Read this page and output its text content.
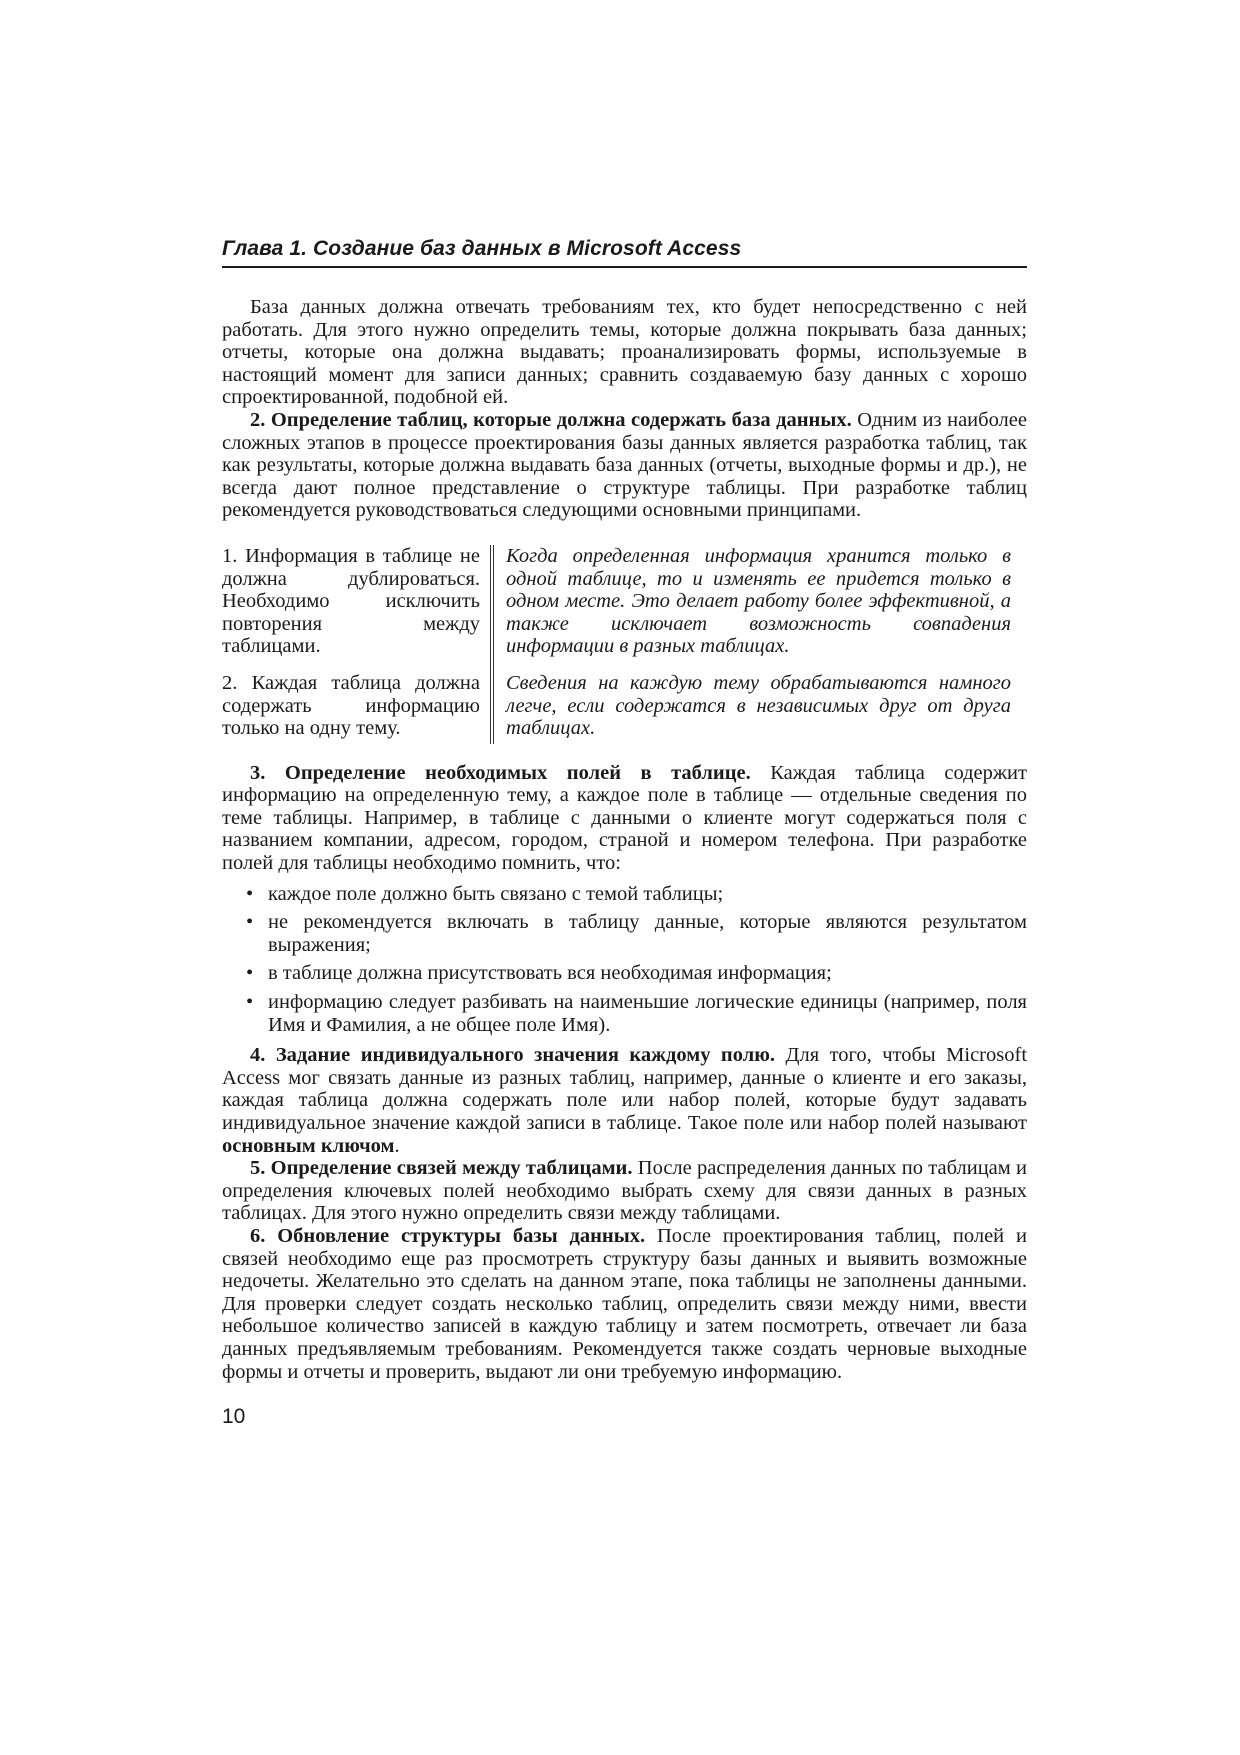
Глава 1. Создание баз данных в Microsoft Access

База данных должна отвечать требованиям тех, кто будет непосредственно с ней работать. Для этого нужно определить темы, которые должна покрывать база данных; отчеты, которые она должна выдавать; проанализировать формы, используемые в настоящий момент для записи данных; сравнить создаваемую базу данных с хорошо спроектированной, подобной ей.

2. Определение таблиц, которые должна содержать база данных. Одним из наиболее сложных этапов в процессе проектирования базы данных является разработка таблиц, так как результаты, которые должна выдавать база данных (отчеты, выходные формы и др.), не всегда дают полное представление о структуре таблицы. При разработке таблиц рекомендуется руководствоваться следующими основными принципами.

1. Информация в таблице не должна дублироваться. Необходимо исключить повторения между таблицами.
Когда определенная информация хранится только в одной таблице, то и изменять ее придется только в одном месте. Это делает работу более эффективной, а также исключает возможность совпадения информации в разных таблицах.
2. Каждая таблица должна содержать информацию только на одну тему.
Сведения на каждую тему обрабатываются намного легче, если содержатся в независимых друг от друга таблицах.

3. Определение необходимых полей в таблице. Каждая таблица содержит информацию на определенную тему, а каждое поле в таблице — отдельные сведения по теме таблицы. Например, в таблице с данными о клиенте могут содержаться поля с названием компании, адресом, городом, страной и номером телефона. При разработке полей для таблицы необходимо помнить, что:

• каждое поле должно быть связано с темой таблицы;
• не рекомендуется включать в таблицу данные, которые являются результатом выражения;
• в таблице должна присутствовать вся необходимая информация;
• информацию следует разбивать на наименьшие логические единицы (например, поля Имя и Фамилия, а не общее поле Имя).

4. Задание индивидуального значения каждому полю. Для того, чтобы Microsoft Access мог связать данные из разных таблиц, например, данные о клиенте и его заказы, каждая таблица должна содержать поле или набор полей, которые будут задавать индивидуальное значение каждой записи в таблице. Такое поле или набор полей называют основным ключом.

5. Определение связей между таблицами. После распределения данных по таблицам и определения ключевых полей необходимо выбрать схему для связи данных в разных таблицах. Для этого нужно определить связи между таблицами.

6. Обновление структуры базы данных. После проектирования таблиц, полей и связей необходимо еще раз просмотреть структуру базы данных и выявить возможные недочеты. Желательно это сделать на данном этапе, пока таблицы не заполнены данными. Для проверки следует создать несколько таблиц, определить связи между ними, ввести небольшое количество записей в каждую таблицу и затем посмотреть, отвечает ли база данных предъявляемым требованиям. Рекомендуется также создать черновые выходные формы и отчеты и проверить, выдают ли они требуемую информацию.

10
